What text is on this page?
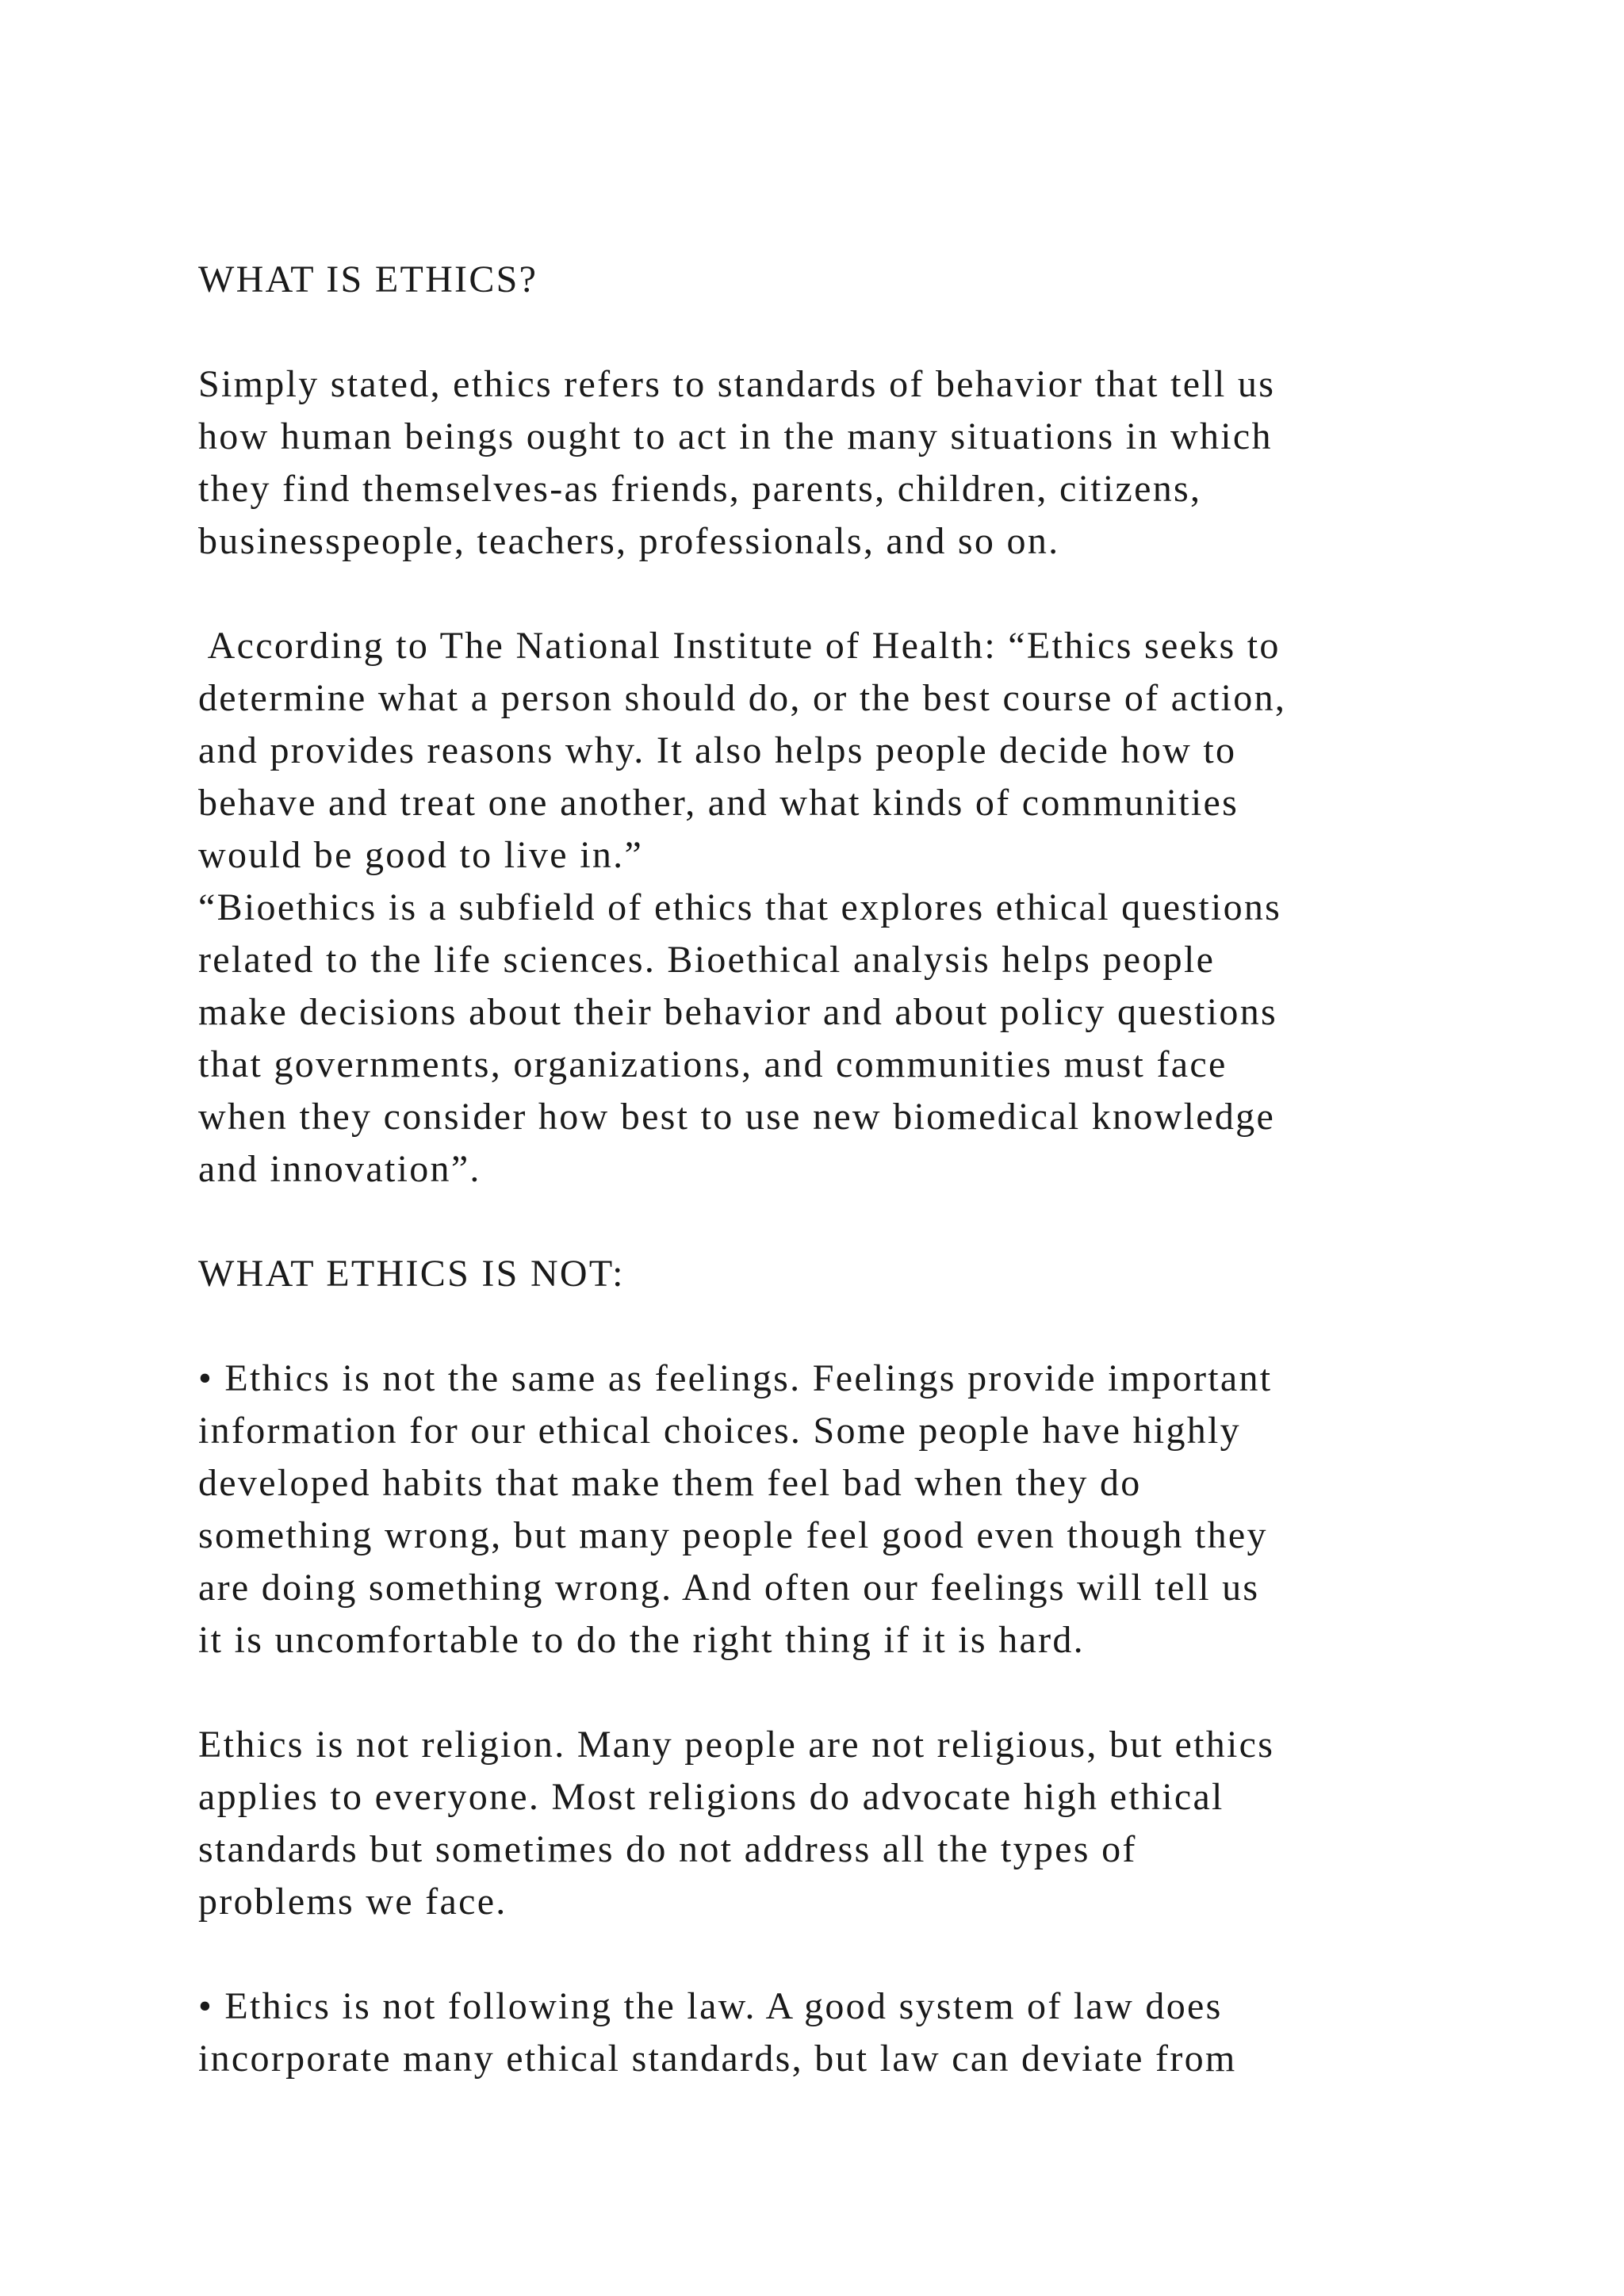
WHAT IS ETHICS?
Simply stated, ethics refers to standards of behavior that tell us
how human beings ought to act in the many situations in which
they find themselves-as friends, parents, children, citizens,
businesspeople, teachers, professionals, and so on.
According to The National Institute of Health: “Ethics seeks to
determine what a person should do, or the best course of action,
and provides reasons why. It also helps people decide how to
behave and treat one another, and what kinds of communities
would be good to live in.”
“Bioethics is a subfield of ethics that explores ethical questions
related to the life sciences. Bioethical analysis helps people
make decisions about their behavior and about policy questions
that governments, organizations, and communities must face
when they consider how best to use new biomedical knowledge
and innovation”.
WHAT ETHICS IS NOT:
• Ethics is not the same as feelings. Feelings provide important
information for our ethical choices. Some people have highly
developed habits that make them feel bad when they do
something wrong, but many people feel good even though they
are doing something wrong. And often our feelings will tell us
it is uncomfortable to do the right thing if it is hard.
Ethics is not religion. Many people are not religious, but ethics
applies to everyone. Most religions do advocate high ethical
standards but sometimes do not address all the types of
problems we face.
• Ethics is not following the law. A good system of law does
incorporate many ethical standards, but law can deviate from
